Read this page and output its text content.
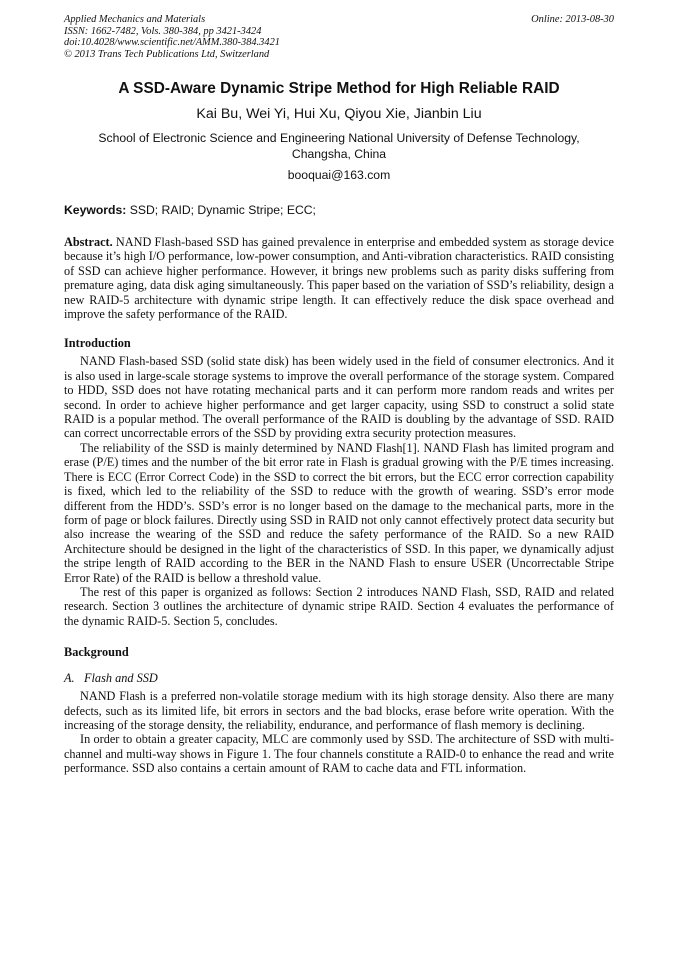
Applied Mechanics and Materials
ISSN: 1662-7482, Vols. 380-384, pp 3421-3424
doi:10.4028/www.scientific.net/AMM.380-384.3421
© 2013 Trans Tech Publications Ltd, Switzerland
Online: 2013-08-30
A SSD-Aware Dynamic Stripe Method for High Reliable RAID
Kai Bu, Wei Yi, Hui Xu, Qiyou Xie, Jianbin Liu
School of Electronic Science and Engineering National University of Defense Technology,
Changsha, China
booquai@163.com
Keywords: SSD; RAID; Dynamic Stripe; ECC;

Abstract. NAND Flash-based SSD has gained prevalence in enterprise and embedded system as storage device because it’s high I/O performance, low-power consumption, and Anti-vibration characteristics. RAID consisting of SSD can achieve higher performance. However, it brings new problems such as parity disks suffering from premature aging, data disk aging simultaneously. This paper based on the variation of SSD’s reliability, design a new RAID-5 architecture with dynamic stripe length. It can effectively reduce the disk space overhead and improve the safety performance of the RAID.

Introduction

NAND Flash-based SSD (solid state disk) has been widely used in the field of consumer electronics. And it is also used in large-scale storage systems to improve the overall performance of the storage system. Compared to HDD, SSD does not have rotating mechanical parts and it can perform more random reads and writes per second. In order to achieve higher performance and get larger capacity, using SSD to construct a solid state RAID is a popular method. The overall performance of the RAID is doubling by the advantage of SSD. RAID can correct uncorrectable errors of the SSD by providing extra security protection measures.

The reliability of the SSD is mainly determined by NAND Flash[1]. NAND Flash has limited program and erase (P/E) times and the number of the bit error rate in Flash is gradual growing with the P/E times increasing. There is ECC (Error Correct Code) in the SSD to correct the bit errors, but the ECC error correction capability is fixed, which led to the reliability of the SSD to reduce with the growth of wearing. SSD’s error mode different from the HDD’s. SSD’s error is no longer based on the damage to the mechanical parts, more in the form of page or block failures. Directly using SSD in RAID not only cannot effectively protect data security but also increase the wearing of the SSD and reduce the safety performance of the RAID. So a new RAID Architecture should be designed in the light of the characteristics of SSD. In this paper, we dynamically adjust the stripe length of RAID according to the BER in the NAND Flash to ensure USER (Uncorrectable Stripe Error Rate) of the RAID is bellow a threshold value.

The rest of this paper is organized as follows: Section 2 introduces NAND Flash, SSD, RAID and related research. Section 3 outlines the architecture of dynamic stripe RAID. Section 4 evaluates the performance of the dynamic RAID-5. Section 5, concludes.

Background
A. Flash and SSD

NAND Flash is a preferred non-volatile storage medium with its high storage density. Also there are many defects, such as its limited life, bit errors in sectors and the bad blocks, erase before write operation. With the increasing of the storage density, the reliability, endurance, and performance of flash memory is declining.

In order to obtain a greater capacity, MLC are commonly used by SSD. The architecture of SSD with multi-channel and multi-way shows in Figure 1. The four channels constitute a RAID-0 to enhance the read and write performance. SSD also contains a certain amount of RAM to cache data and FTL information.
